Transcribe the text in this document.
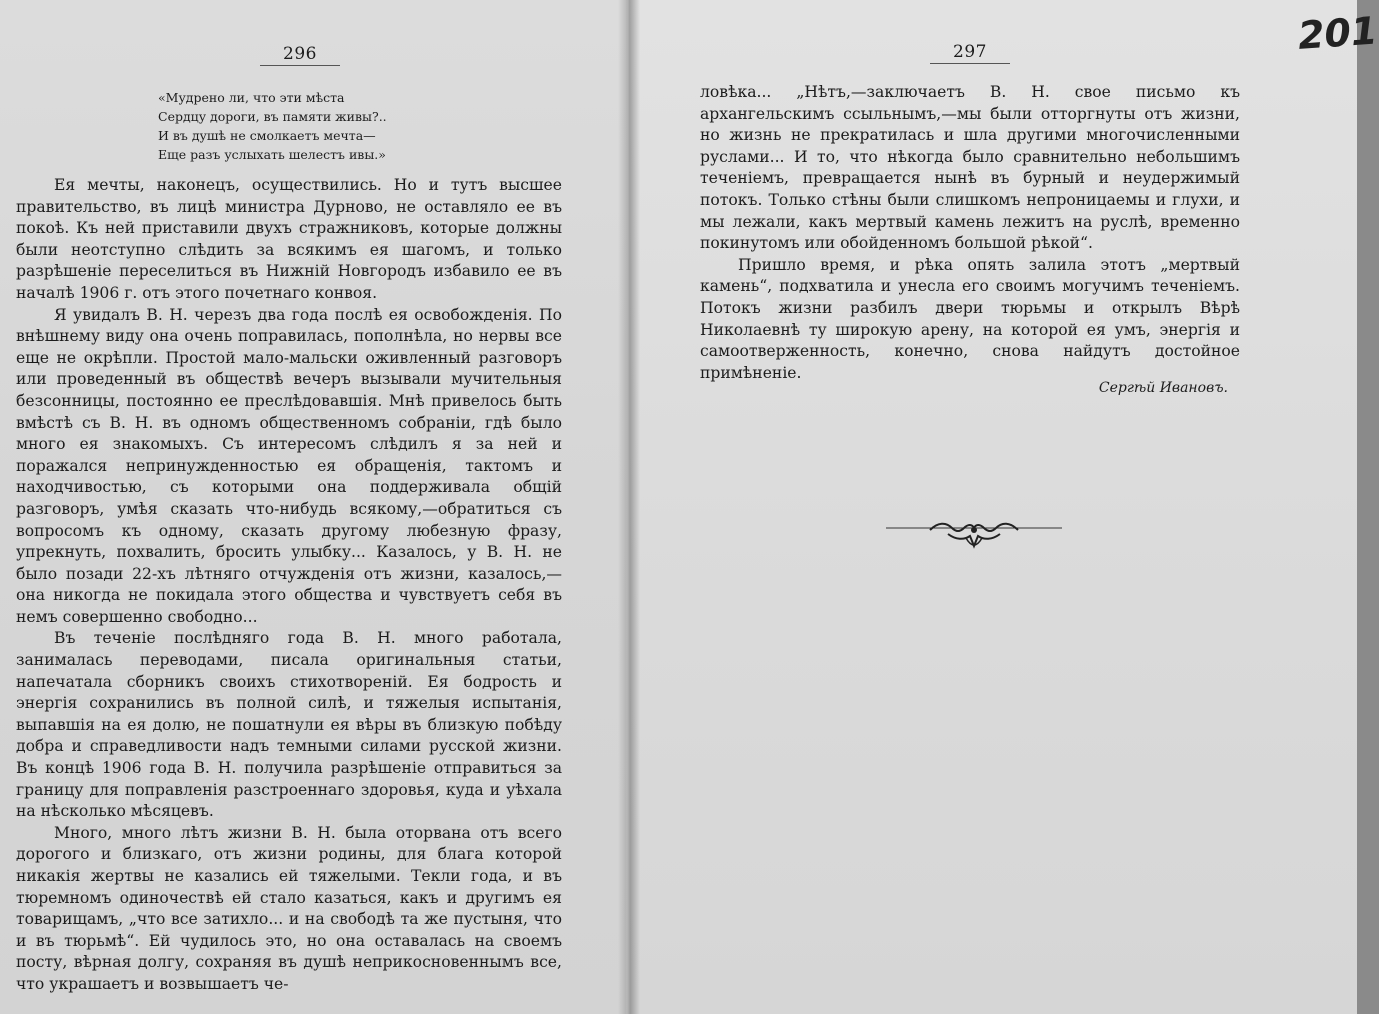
296
«Мудрено ли, что эти мѣста
Сердцу дороги, въ памяти живы?..
И въ душѣ не смолкаетъ мечта—
Еще разъ услыхать шелестъ ивы.»

Ея мечты, наконецъ, осуществились. Но и тутъ высшее правительство, въ лицѣ министра Дурново, не оставляло ее въ покоѣ. Къ ней приставили двухъ стражниковъ, которые должны были неотступно слѣдить за всякимъ ея шагомъ, и только разрѣшеніе переселиться въ Нижній Новгородъ избавило ее въ началѣ 1906 г. отъ этого почетнаго конвоя.

Я увидалъ В. Н. черезъ два года послѣ ея освобожденія. По внѣшнему виду она очень поправилась, пополнѣла, но нервы все еще не окрѣпли. Простой мало-мальски оживленный разговоръ или проведенный въ обществѣ вечеръ вызывали мучительныя безсонницы, постоянно ее преслѣдовавшія. Мнѣ привелось быть вмѣстѣ съ В. Н. въ одномъ общественномъ собраніи, гдѣ было много ея знакомыхъ. Съ интересомъ слѣдилъ я за ней и поражался непринужденностью ея обращенія, тактомъ и находчивостью, съ которыми она поддерживала общій разговоръ, умѣя сказать что-нибудь всякому,—обратиться съ вопросомъ къ одному, сказать другому любезную фразу, упрекнуть, похвалить, бросить улыбку... Казалось, у В. Н. не было позади 22-хъ лѣтняго отчужденія отъ жизни, казалось,—она никогда не покидала этого общества и чувствуетъ себя въ немъ совершенно свободно...

Въ теченіе послѣдняго года В. Н. много работала, занималась переводами, писала оригинальныя статьи, напечатала сборникъ своихъ стихотвореній. Ея бодрость и энергія сохранились въ полной силѣ, и тяжелыя испытанія, выпавшія на ея долю, не пошатнули ея вѣры въ близкую побѣду добра и справедливости надъ темными силами русской жизни. Въ концѣ 1906 года В. Н. получила разрѣшеніе отправиться за границу для поправленія разстроеннаго здоровья, куда и уѣхала на нѣсколько мѣсяцевъ.

Много, много лѣтъ жизни В. Н. была оторвана отъ всего дорогого и близкаго, отъ жизни родины, для блага которой никакія жертвы не казались ей тяжелыми. Текли года, и въ тюремномъ одиночествѣ ей стало казаться, какъ и другимъ ея товарищамъ, „что все затихло... и на свободѣ та же пустыня, что и въ тюрьмѣ“. Ей чудилось это, но она оставалась на своемъ посту, вѣрная долгу, сохраняя въ душѣ неприкосновеннымъ все, что украшаетъ и возвышаетъ че-

297

ловѣка... „Нѣтъ,—заключаетъ В. Н. свое письмо къ архангельскимъ ссыльнымъ,—мы были отторгнуты отъ жизни, но жизнь не прекратилась и шла другими многочисленными руслами... И то, что нѣкогда было сравнительно небольшимъ теченіемъ, превращается нынѣ въ бурный и неудержимый потокъ. Только стѣны были слишкомъ непроницаемы и глухи, и мы лежали, какъ мертвый камень лежитъ на руслѣ, временно покинутомъ или обойденномъ большой рѣкой“.

Пришло время, и рѣка опять залила этотъ „мертвый камень“, подхватила и унесла его своимъ могучимъ теченіемъ. Потокъ жизни разбилъ двери тюрьмы и открылъ Вѣрѣ Николаевнѣ ту широкую арену, на которой ея умъ, энергія и самоотверженность, конечно, снова найдутъ достойное примѣненіе.

Сергѣй Ивановъ.
201
